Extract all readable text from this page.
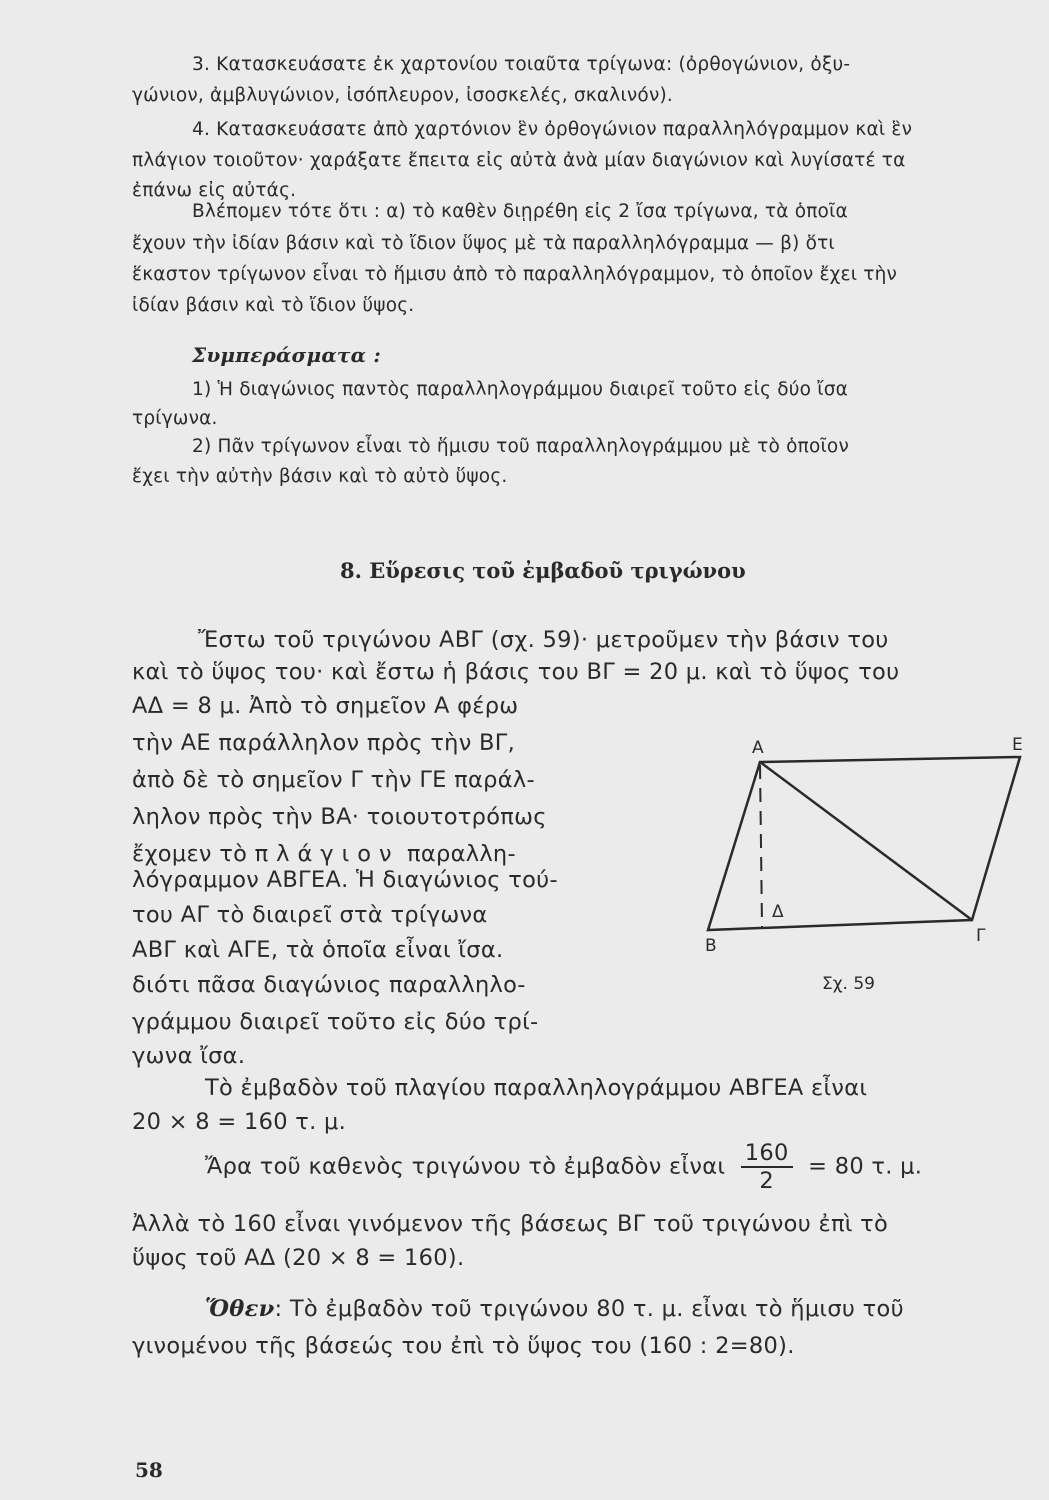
3. Κατασκευάσατε ἐκ χαρτονίου τοιαῦτα τρίγωνα: (ὀρθογώνιον, ὀξυ-

γώνιον, ἀμβλυγώνιον, ἰσόπλευρον, ἰσοσκελές, σκαλινόν).

4. Κατασκευάσατε ἀπὸ χαρτόνιον ἓν ὀρθογώνιον παραλληλόγραμμον καὶ ἓν

πλάγιον τοιοῦτον· χαράξατε ἔπειτα εἰς αὐτὰ ἀνὰ μίαν διαγώνιον καὶ λυγίσατέ τα

ἐπάνω εἰς αὐτάς.

Βλέπομεν τότε ὅτι : α) τὸ καθὲν διῃρέθη εἰς 2 ἴσα τρίγωνα, τὰ ὁποῖα

ἔχουν τὴν ἰδίαν βάσιν καὶ τὸ ἴδιον ὕψος μὲ τὰ παραλληλόγραμμα — β) ὅτι

ἕκαστον τρίγωνον εἶναι τὸ ἥμισυ ἀπὸ τὸ παραλληλόγραμμον, τὸ ὁποῖον ἔχει τὴν

ἰδίαν βάσιν καὶ τὸ ἴδιον ὕψος.

Συμπεράσματα :

1) Ἡ διαγώνιος παντὸς παραλληλογράμμου διαιρεῖ τοῦτο εἰς δύο ἴσα

τρίγωνα.

2) Πᾶν τρίγωνον εἶναι τὸ ἥμισυ τοῦ παραλληλογράμμου μὲ τὸ ὁποῖον

ἔχει τὴν αὐτὴν βάσιν καὶ τὸ αὐτὸ ὕψος.

8. Εὕρεσις τοῦ ἐμβαδοῦ τριγώνου

Ἔστω τοῦ τριγώνου ΑΒΓ (σχ. 59)· μετροῦμεν τὴν βάσιν του

καὶ τὸ ὕψος του· καὶ ἔστω ἡ βάσις του ΒΓ = 20 μ. καὶ τὸ ὕψος του

ΑΔ = 8 μ. Ἀπὸ τὸ σημεῖον Α φέρω

τὴν ΑΕ παράλληλον πρὸς τὴν ΒΓ,

ἀπὸ δὲ τὸ σημεῖον Γ τὴν ΓΕ παράλ-

ληλον πρὸς τὴν ΒΑ· τοιουτοτρόπως

ἔχομεν τὸ πλάγιον παραλλη-

λόγραμμον ΑΒΓΕΑ. Ἡ διαγώνιος τού-

του ΑΓ τὸ διαιρεῖ στὰ τρίγωνα

ΑΒΓ καὶ ΑΓΕ, τὰ ὁποῖα εἶναι ἴσα.

διότι πᾶσα διαγώνιος παραλληλο-

γράμμου διαιρεῖ τοῦτο εἰς δύο τρί-

γωνα ἴσα.

Α	Ε
Β	Γ
Δ
Σχ. 59

Τὸ ἐμβαδὸν τοῦ πλαγίου παραλληλογράμμου ΑΒΓΕΑ εἶναι

20 × 8 = 160 τ. μ.

Ἄρα τοῦ καθενὸς τριγώνου τὸ ἐμβαδὸν εἶναι $\frac{160}{2} = 80$ τ. μ.

Ἀλλὰ τὸ 160 εἶναι γινόμενον τῆς βάσεως ΒΓ τοῦ τριγώνου ἐπὶ τὸ

ὕψος τοῦ ΑΔ (20 × 8 = 160).

Ὅθεν: Τὸ ἐμβαδὸν τοῦ τριγώνου 80 τ. μ. εἶναι τὸ ἥμισυ τοῦ

γινομένου τῆς βάσεώς του ἐπὶ τὸ ὕψος του (160 : 2=80).

58
